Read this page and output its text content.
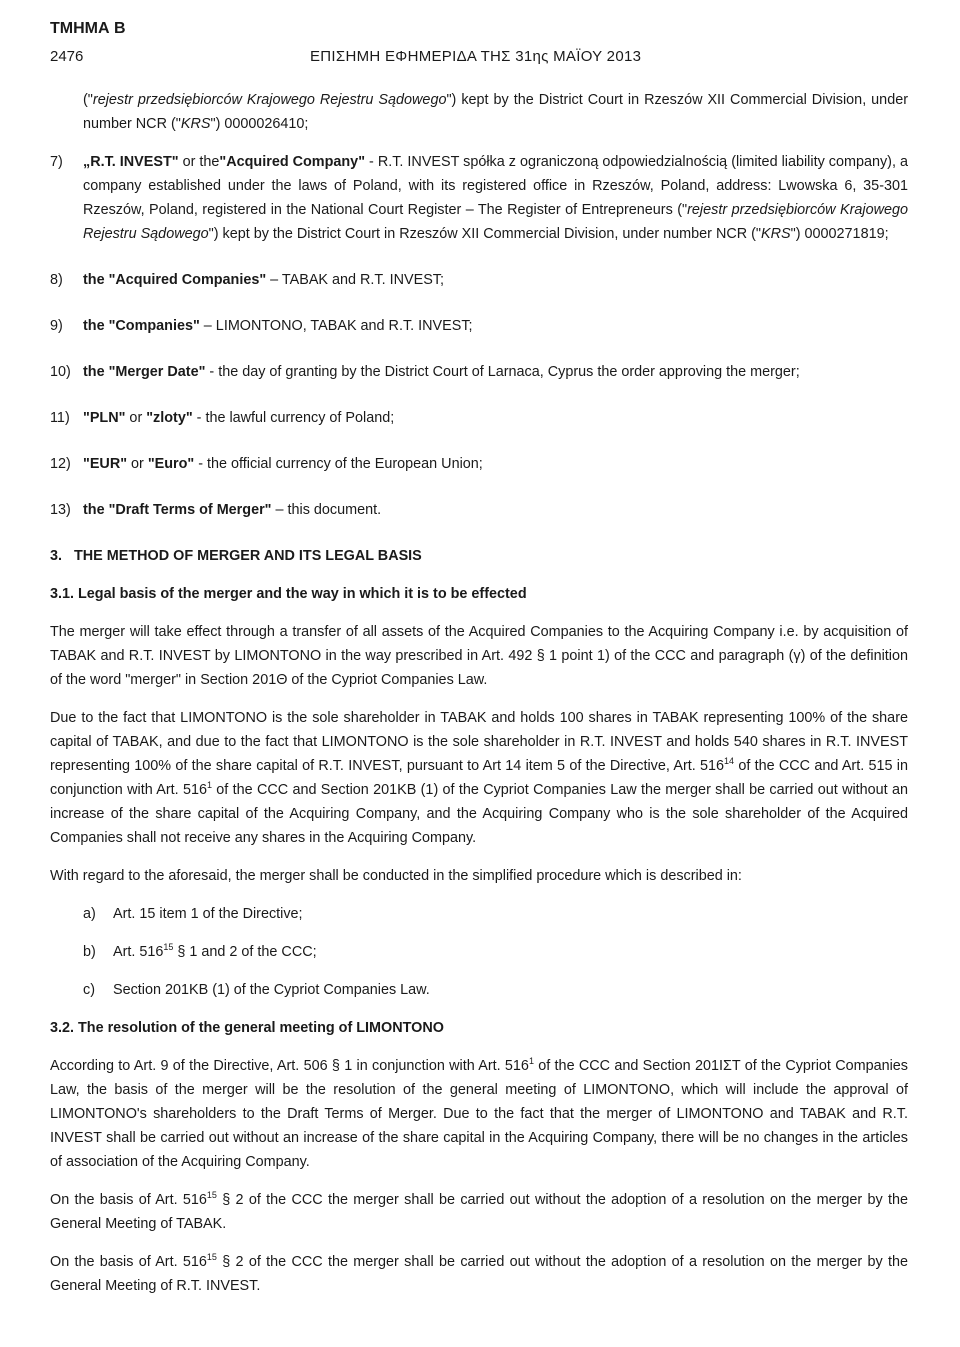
ΤΜΗΜΑ Β
2476	ΕΠΙΣΗΜΗ ΕΦΗΜΕΡΙΔΑ ΤΗΣ 31ης ΜΑΪΟΥ 2013

("rejestr przedsiębiorców Krajowego Rejestru Sądowego") kept by the District Court in Rzeszów XII Commercial Division, under number NCR ("KRS") 0000026410;

7)	„R.T. INVEST" or the"Acquired Company" - R.T. INVEST spółka z ograniczoną odpowiedzialnością (limited liability company), a company established under the laws of Poland, with its registered office in Rzeszów, Poland, address: Lwowska 6, 35-301 Rzeszów, Poland, registered in the National Court Register – The Register of Entrepreneurs ("rejestr przedsiębiorców Krajowego Rejestru Sądowego") kept by the District Court in Rzeszów XII Commercial Division, under number NCR ("KRS") 0000271819;
8)	the "Acquired Companies" – TABAK and R.T. INVEST;
9)	the "Companies" – LIMONTONO, TABAK and R.T. INVEST;
10) the "Merger Date" - the day of granting by the District Court of Larnaca, Cyprus the order approving the merger;
11) "PLN" or "zloty" - the lawful currency of Poland;
12) "EUR" or "Euro" - the official currency of the European Union;
13) the "Draft Terms of Merger" – this document.

3.   THE METHOD OF MERGER AND ITS LEGAL BASIS

3.1. Legal basis of the merger and the way in which it is to be effected

The merger will take effect through a transfer of all assets of the Acquired Companies to the Acquiring Company i.e. by acquisition of TABAK and R.T. INVEST by LIMONTONO in the way prescribed in Art. 492 § 1 point 1) of the CCC and paragraph (γ) of the definition of the word "merger" in Section 201Θ of the Cypriot Companies Law.

Due to the fact that LIMONTONO is the sole shareholder in TABAK and holds 100 shares in TABAK representing 100% of the share capital of TABAK, and due to the fact that LIMONTONO is the sole shareholder in R.T. INVEST and holds 540 shares in R.T. INVEST representing 100% of the share capital of R.T. INVEST, pursuant to Art 14 item 5 of the Directive, Art. $516^{14}$ of the CCC and Art. 515 in conjunction with Art. $516^1$ of the CCC and Section 201KB (1) of the Cypriot Companies Law the merger shall be carried out without an increase of the share capital of the Acquiring Company, and the Acquiring Company who is the sole shareholder of the Acquired Companies shall not receive any shares in the Acquiring Company.

With regard to the aforesaid, the merger shall be conducted in the simplified procedure which is described in:

a)	Art. 15 item 1 of the Directive;
b)	Art. $516^{15}$ § 1 and 2 of the CCC;
c)	Section 201KB (1) of the Cypriot Companies Law.

3.2. The resolution of the general meeting of LIMONTONO

According to Art. 9 of the Directive, Art. 506 § 1 in conjunction with Art. $516^1$ of the CCC and Section 201ΙΣΤ of the Cypriot Companies Law, the basis of the merger will be the resolution of the general meeting of LIMONTONO, which will include the approval of LIMONTONO's shareholders to the Draft Terms of Merger. Due to the fact that the merger of LIMONTONO and TABAK and R.T. INVEST shall be carried out without an increase of the share capital in the Acquiring Company, there will be no changes in the articles of association of the Acquiring Company.

On the basis of Art. $516^{15}$ § 2 of the CCC the merger shall be carried out without the adoption of a resolution on the merger by the General Meeting of TABAK.

On the basis of Art. $516^{15}$ § 2 of the CCC the merger shall be carried out without the adoption of a resolution on the merger by the General Meeting of R.T. INVEST.
